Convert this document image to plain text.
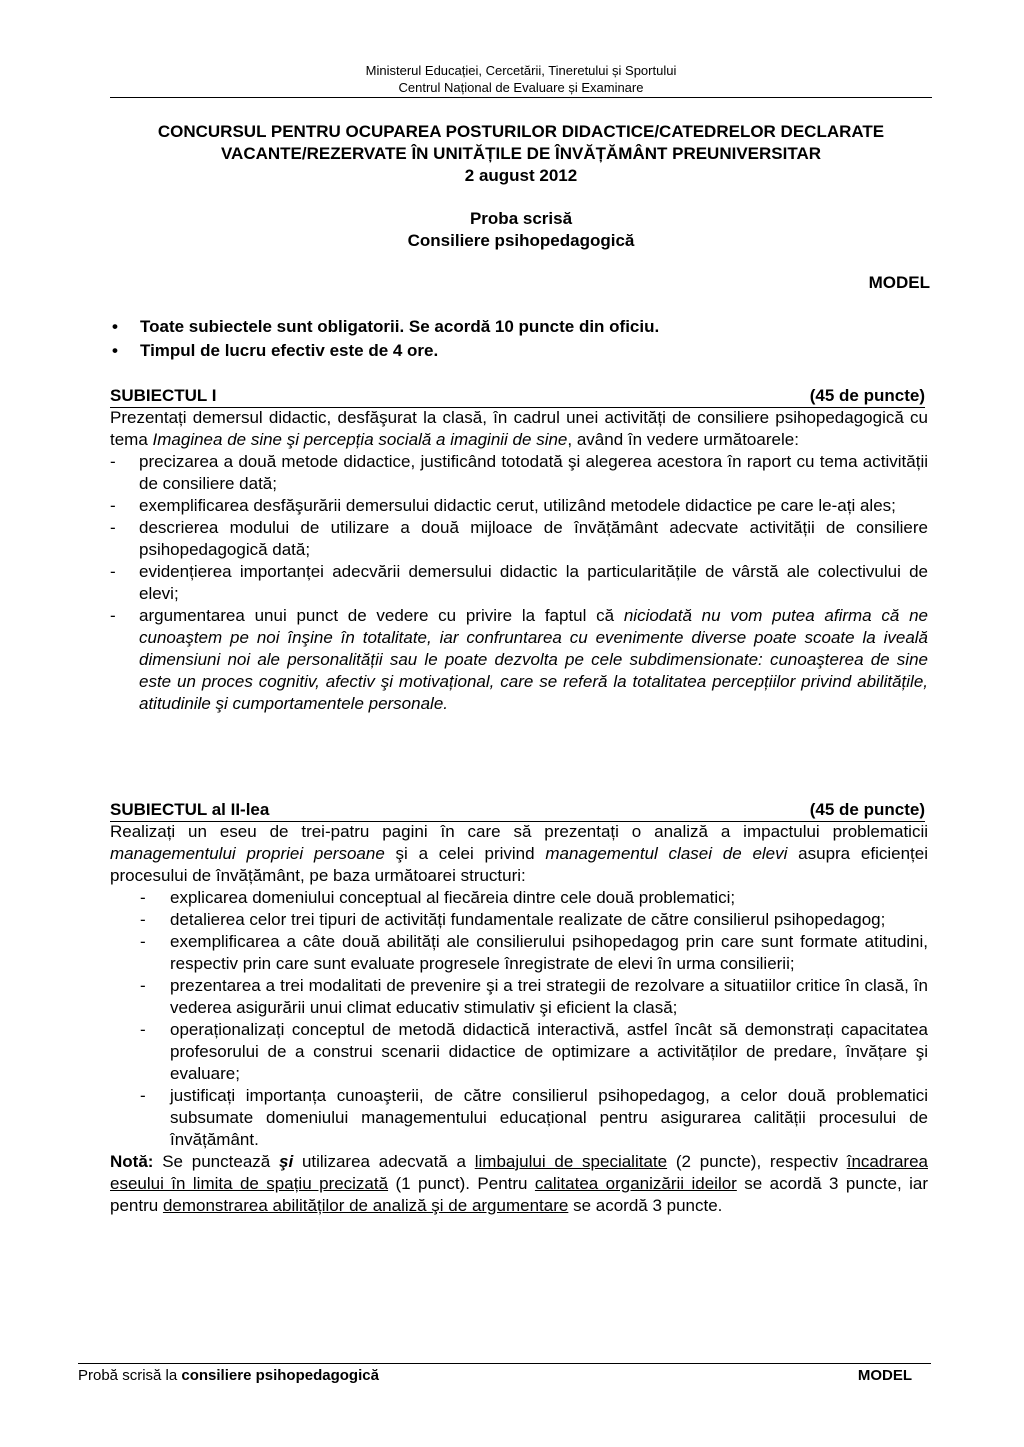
Ministerul Educației, Cercetării, Tineretului și Sportului
Centrul Național de Evaluare și Examinare
CONCURSUL PENTRU OCUPAREA POSTURILOR DIDACTICE/CATEDRELOR DECLARATE
VACANTE/REZERVATE ÎN UNITĂȚILE DE ÎNVĂȚĂMÂNT PREUNIVERSITAR
2 august 2012
Proba scrisă
Consiliere psihopedagogică
MODEL
• Toate subiectele sunt obligatorii. Se acordă 10 puncte din oficiu.
• Timpul de lucru efectiv este de 4 ore.
SUBIECTUL I	(45 de puncte)

Prezentați demersul didactic, desfăşurat la clasă, în cadrul unei activități de consiliere psihopedagogică cu tema Imaginea de sine şi percepția socială a imaginii de sine, având în vedere următoarele:

- precizarea a două metode didactice, justificând totodată şi alegerea acestora în raport cu tema activității de consiliere dată;
- exemplificarea desfăşurării demersului didactic cerut, utilizând metodele didactice pe care le-ați ales;
- descrierea modului de utilizare a două mijloace de învățământ adecvate activității de consiliere psihopedagogică dată;
- evidențierea importanței adecvării demersului didactic la particularitățile de vârstă ale colectivului de elevi;
- argumentarea unui punct de vedere cu privire la faptul că niciodată nu vom putea afirma că ne cunoaştem pe noi înşine în totalitate, iar confruntarea cu evenimente diverse poate scoate la iveală dimensiuni noi ale personalității sau le poate dezvolta pe cele subdimensionate: cunoaşterea de sine este un proces cognitiv, afectiv şi motivațional, care se referă la totalitatea percepțiilor privind abilitățile, atitudinile şi cumportamentele personale.
SUBIECTUL al II-lea	(45 de puncte)

Realizați un eseu de trei-patru pagini în care să prezentați o analiză a impactului problematicii managementului propriei persoane şi a celei privind managementul clasei de elevi asupra eficienței procesului de învățământ, pe baza următoarei structuri:

- explicarea domeniului conceptual al fiecăreia dintre cele două problematici;
- detalierea celor trei tipuri de activități fundamentale realizate de către consilierul psihopedagog;
- exemplificarea a câte două abilități ale consilierului psihopedagog prin care sunt formate atitudini, respectiv prin care sunt evaluate progresele înregistrate de elevi în urma consilierii;
- prezentarea a trei modalitati de prevenire şi a trei strategii de rezolvare a situatiilor critice în clasă, în vederea asigurării unui climat educativ stimulativ şi eficient la clasă;
- operaționalizați conceptul de metodă didactică interactivă, astfel încât să demonstrați capacitatea profesorului de a construi scenarii didactice de optimizare a activităților de predare, învățare şi evaluare;
- justificați importanța cunoaşterii, de către consilierul psihopedagog, a celor două problematici subsumate domeniului managementului educațional pentru asigurarea calității procesului de învățământ.

Notă: Se punctează şi utilizarea adecvată a limbajului de specialitate (2 puncte), respectiv încadrarea eseului în limita de spațiu precizată (1 punct). Pentru calitatea organizării ideilor se acordă 3 puncte, iar pentru demonstrarea abilităților de analiză şi de argumentare se acordă 3 puncte.

Probă scrisă la consiliere psihopedagogică	MODEL
